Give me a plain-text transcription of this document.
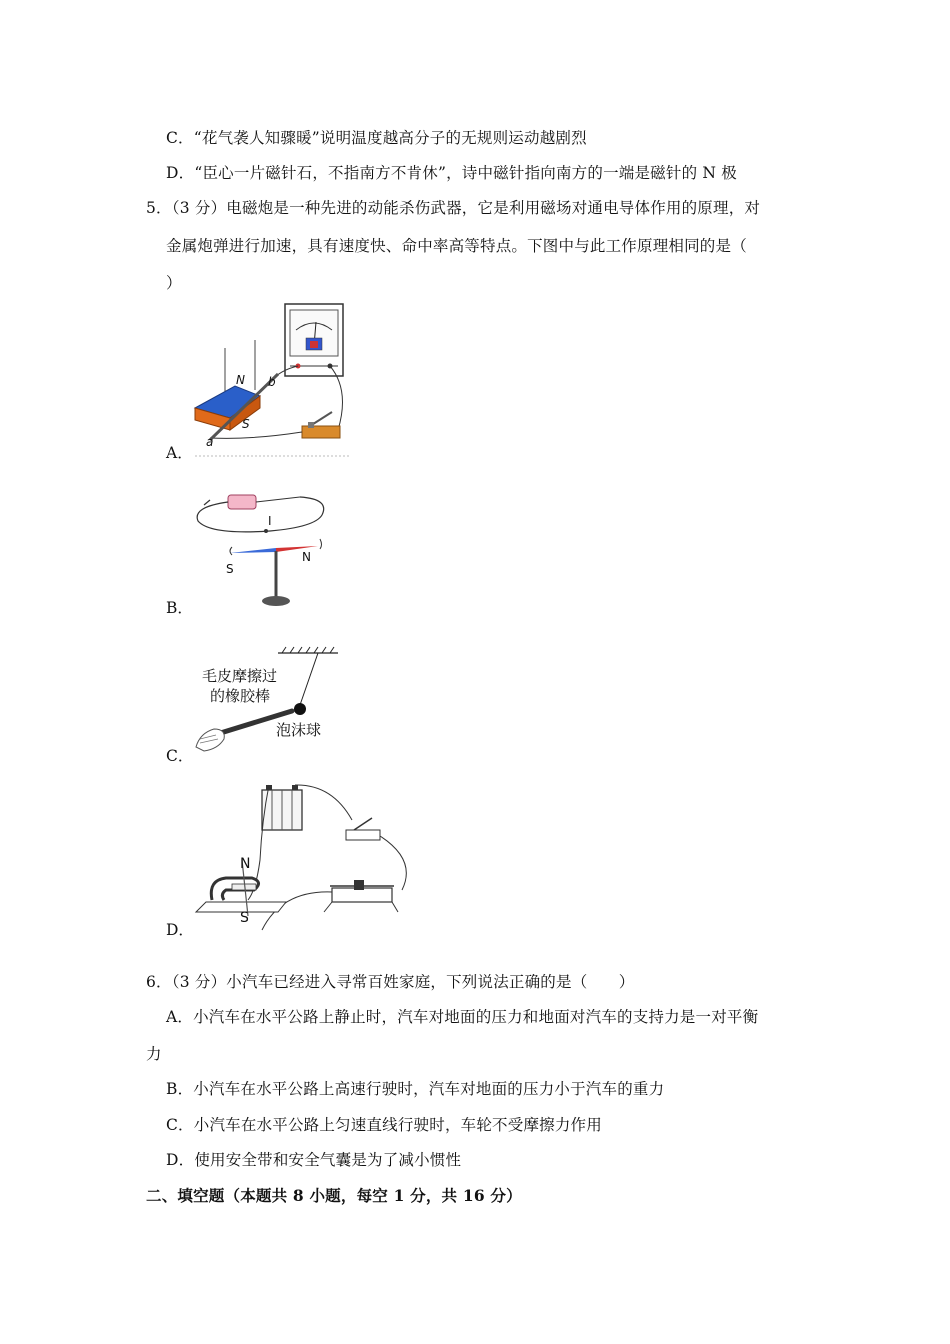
C．“花气袭人知骤暖”说明温度越高分子的无规则运动越剧烈
D．“臣心一片磁针石，不指南方不肯休”，诗中磁针指向南方的一端是磁针的 N 极
5．（3 分）电磁炮是一种先进的动能杀伤武器，它是利用磁场对通电导体作用的原理，对
金属炮弹进行加速，具有速度快、命中率高等特点。下图中与此工作原理相同的是（
）
A．
N
S
a
b
B．
I
S
N
C．
毛皮摩擦过
的橡胶棒
泡沫球
D．
N
S
6．（3 分）小汽车已经进入寻常百姓家庭，下列说法正确的是（　　）
A．小汽车在水平公路上静止时，汽车对地面的压力和地面对汽车的支持力是一对平衡
力
B．小汽车在水平公路上高速行驶时，汽车对地面的压力小于汽车的重力
C．小汽车在水平公路上匀速直线行驶时，车轮不受摩擦力作用
D．使用安全带和安全气囊是为了减小惯性
二、填空题（本题共 8 小题，每空 1 分，共 16 分）
